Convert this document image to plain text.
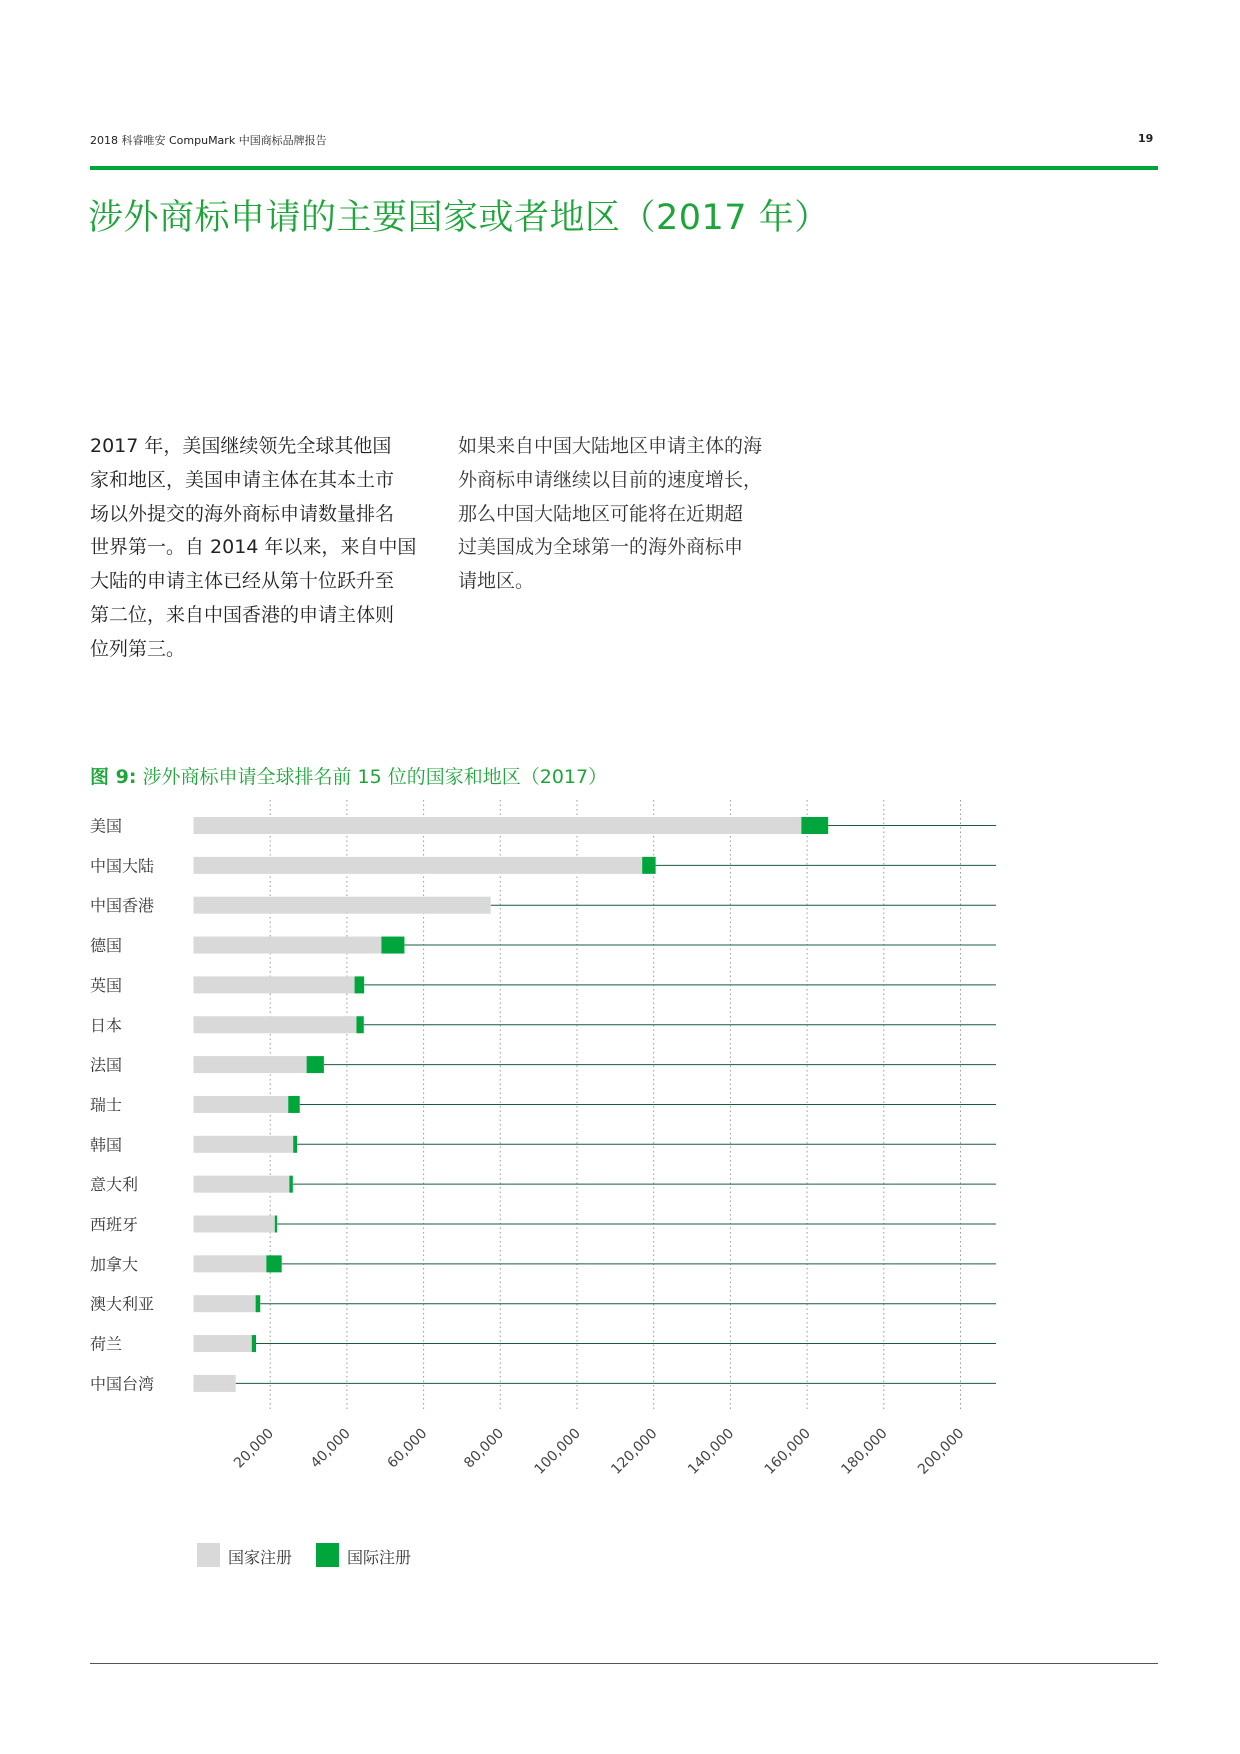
2018 科睿唯安 CompuMark 中国商标品牌报告	19
涉外商标申请的主要国家或者地区（2017 年）

2017 年，美国继续领先全球其他国
家和地区，美国申请主体在其本土市
场以外提交的海外商标申请数量排名
世界第一。自 2014 年以来，来自中国
大陆的申请主体已经从第十位跃升至
第二位，来自中国香港的申请主体则
位列第三。

如果来自中国大陆地区申请主体的海
外商标申请继续以目前的速度增长，
那么中国大陆地区可能将在近期超
过美国成为全球第一的海外商标申
请地区。

图 9: 涉外商标申请全球排名前 15 位的国家和地区（2017）

美国
中国大陆
中国香港
德国
英国
日本
法国
瑞士
韩国
意大利
西班牙
加拿大
澳大利亚
荷兰
中国台湾
20,000 40,000 60,000 80,000 100,000 120,000 140,000 160,000 180,000 200,000
国家注册	国际注册
